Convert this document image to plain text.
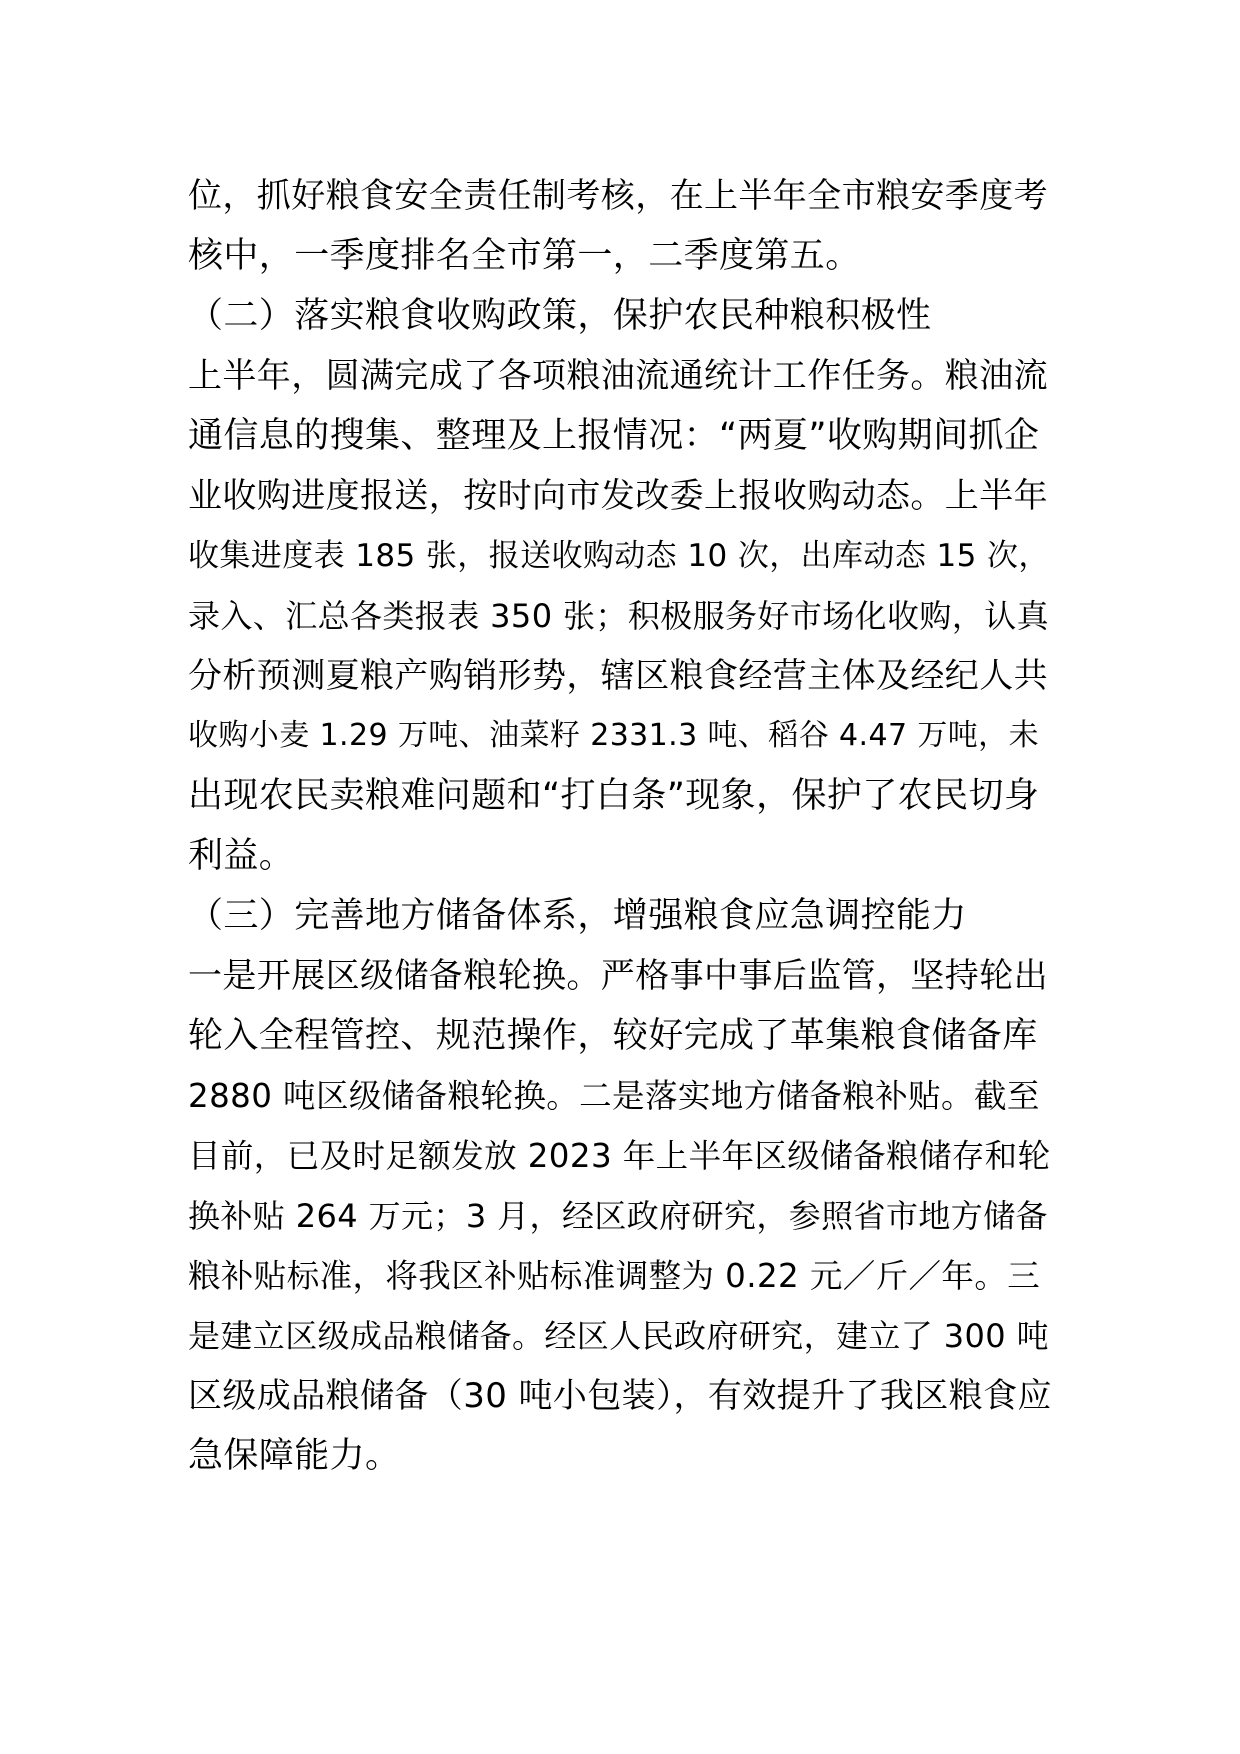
位，抓好粮食安全责任制考核，在上半年全市粮安季度考

核中，一季度排名全市第一，二季度第五。

（二）落实粮食收购政策，保护农民种粮积极性

上半年，圆满完成了各项粮油流通统计工作任务。粮油流

通信息的搜集、整理及上报情况：“两夏”收购期间抓企

业收购进度报送，按时向市发改委上报收购动态。上半年

收集进度表 185 张，报送收购动态 10 次，出库动态 15 次，

录入、汇总各类报表 350 张；积极服务好市场化收购，认真

分析预测夏粮产购销形势，辖区粮食经营主体及经纪人共

收购小麦 1.29 万吨、油菜籽 2331.3 吨、稻谷 4.47 万吨，未

出现农民卖粮难问题和“打白条”现象，保护了农民切身

利益。

（三）完善地方储备体系，增强粮食应急调控能力

一是开展区级储备粮轮换。严格事中事后监管，坚持轮出

轮入全程管控、规范操作，较好完成了革集粮食储备库

2880 吨区级储备粮轮换。二是落实地方储备粮补贴。截至

目前，已及时足额发放 2023 年上半年区级储备粮储存和轮

换补贴 264 万元；3 月，经区政府研究，参照省市地方储备

粮补贴标准，将我区补贴标准调整为 0.22 元／斤／年。三

是建立区级成品粮储备。经区人民政府研究，建立了 300 吨

区级成品粮储备（30 吨小包装），有效提升了我区粮食应

急保障能力。
